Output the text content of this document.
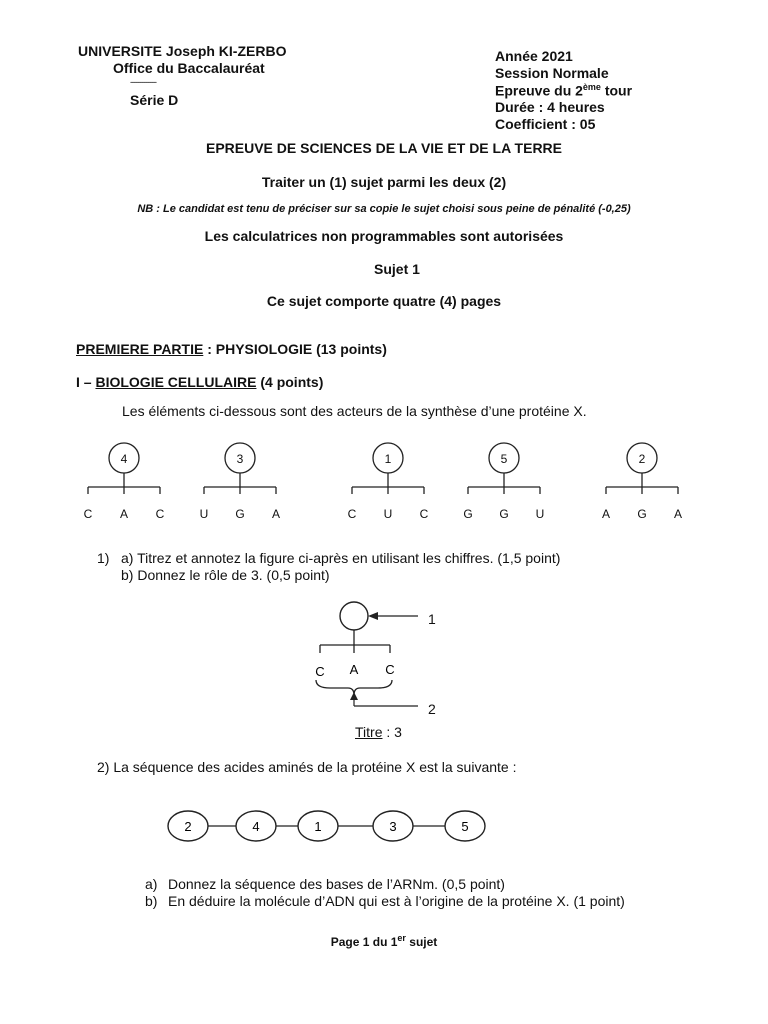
UNIVERSITE Joseph KI-ZERBO
Office du Baccalauréat
-------------
Série D
Année 2021
Session Normale
Epreuve du 2ème tour
Durée : 4 heures
Coefficient : 05
EPREUVE DE SCIENCES DE LA VIE ET DE LA TERRE
Traiter un (1) sujet parmi les deux (2)
NB : Le candidat est tenu de préciser sur sa copie le sujet choisi sous peine de pénalité (-0,25)
Les calculatrices non programmables sont autorisées
Sujet 1
Ce sujet comporte quatre (4) pages
PREMIERE PARTIE : PHYSIOLOGIE (13 points)
I – BIOLOGIE CELLULAIRE (4 points)
Les éléments ci-dessous sont des acteurs de la synthèse d’une protéine X.
4
C A C
3
U G A
1
C U C
5
G G U
2
A G A
1) a) Titrez et annotez la figure ci-après en utilisant les chiffres. (1,5 point)
b) Donnez le rôle de 3. (0,5 point)
C A C
1
2
Titre : 3
2) La séquence des acides aminés de la protéine X est la suivante :
2	4	1	3	5
a) Donnez la séquence des bases de l’ARNm. (0,5 point)
b) En déduire la molécule d’ADN qui est à l’origine de la protéine X. (1 point)
Page 1 du 1er sujet
